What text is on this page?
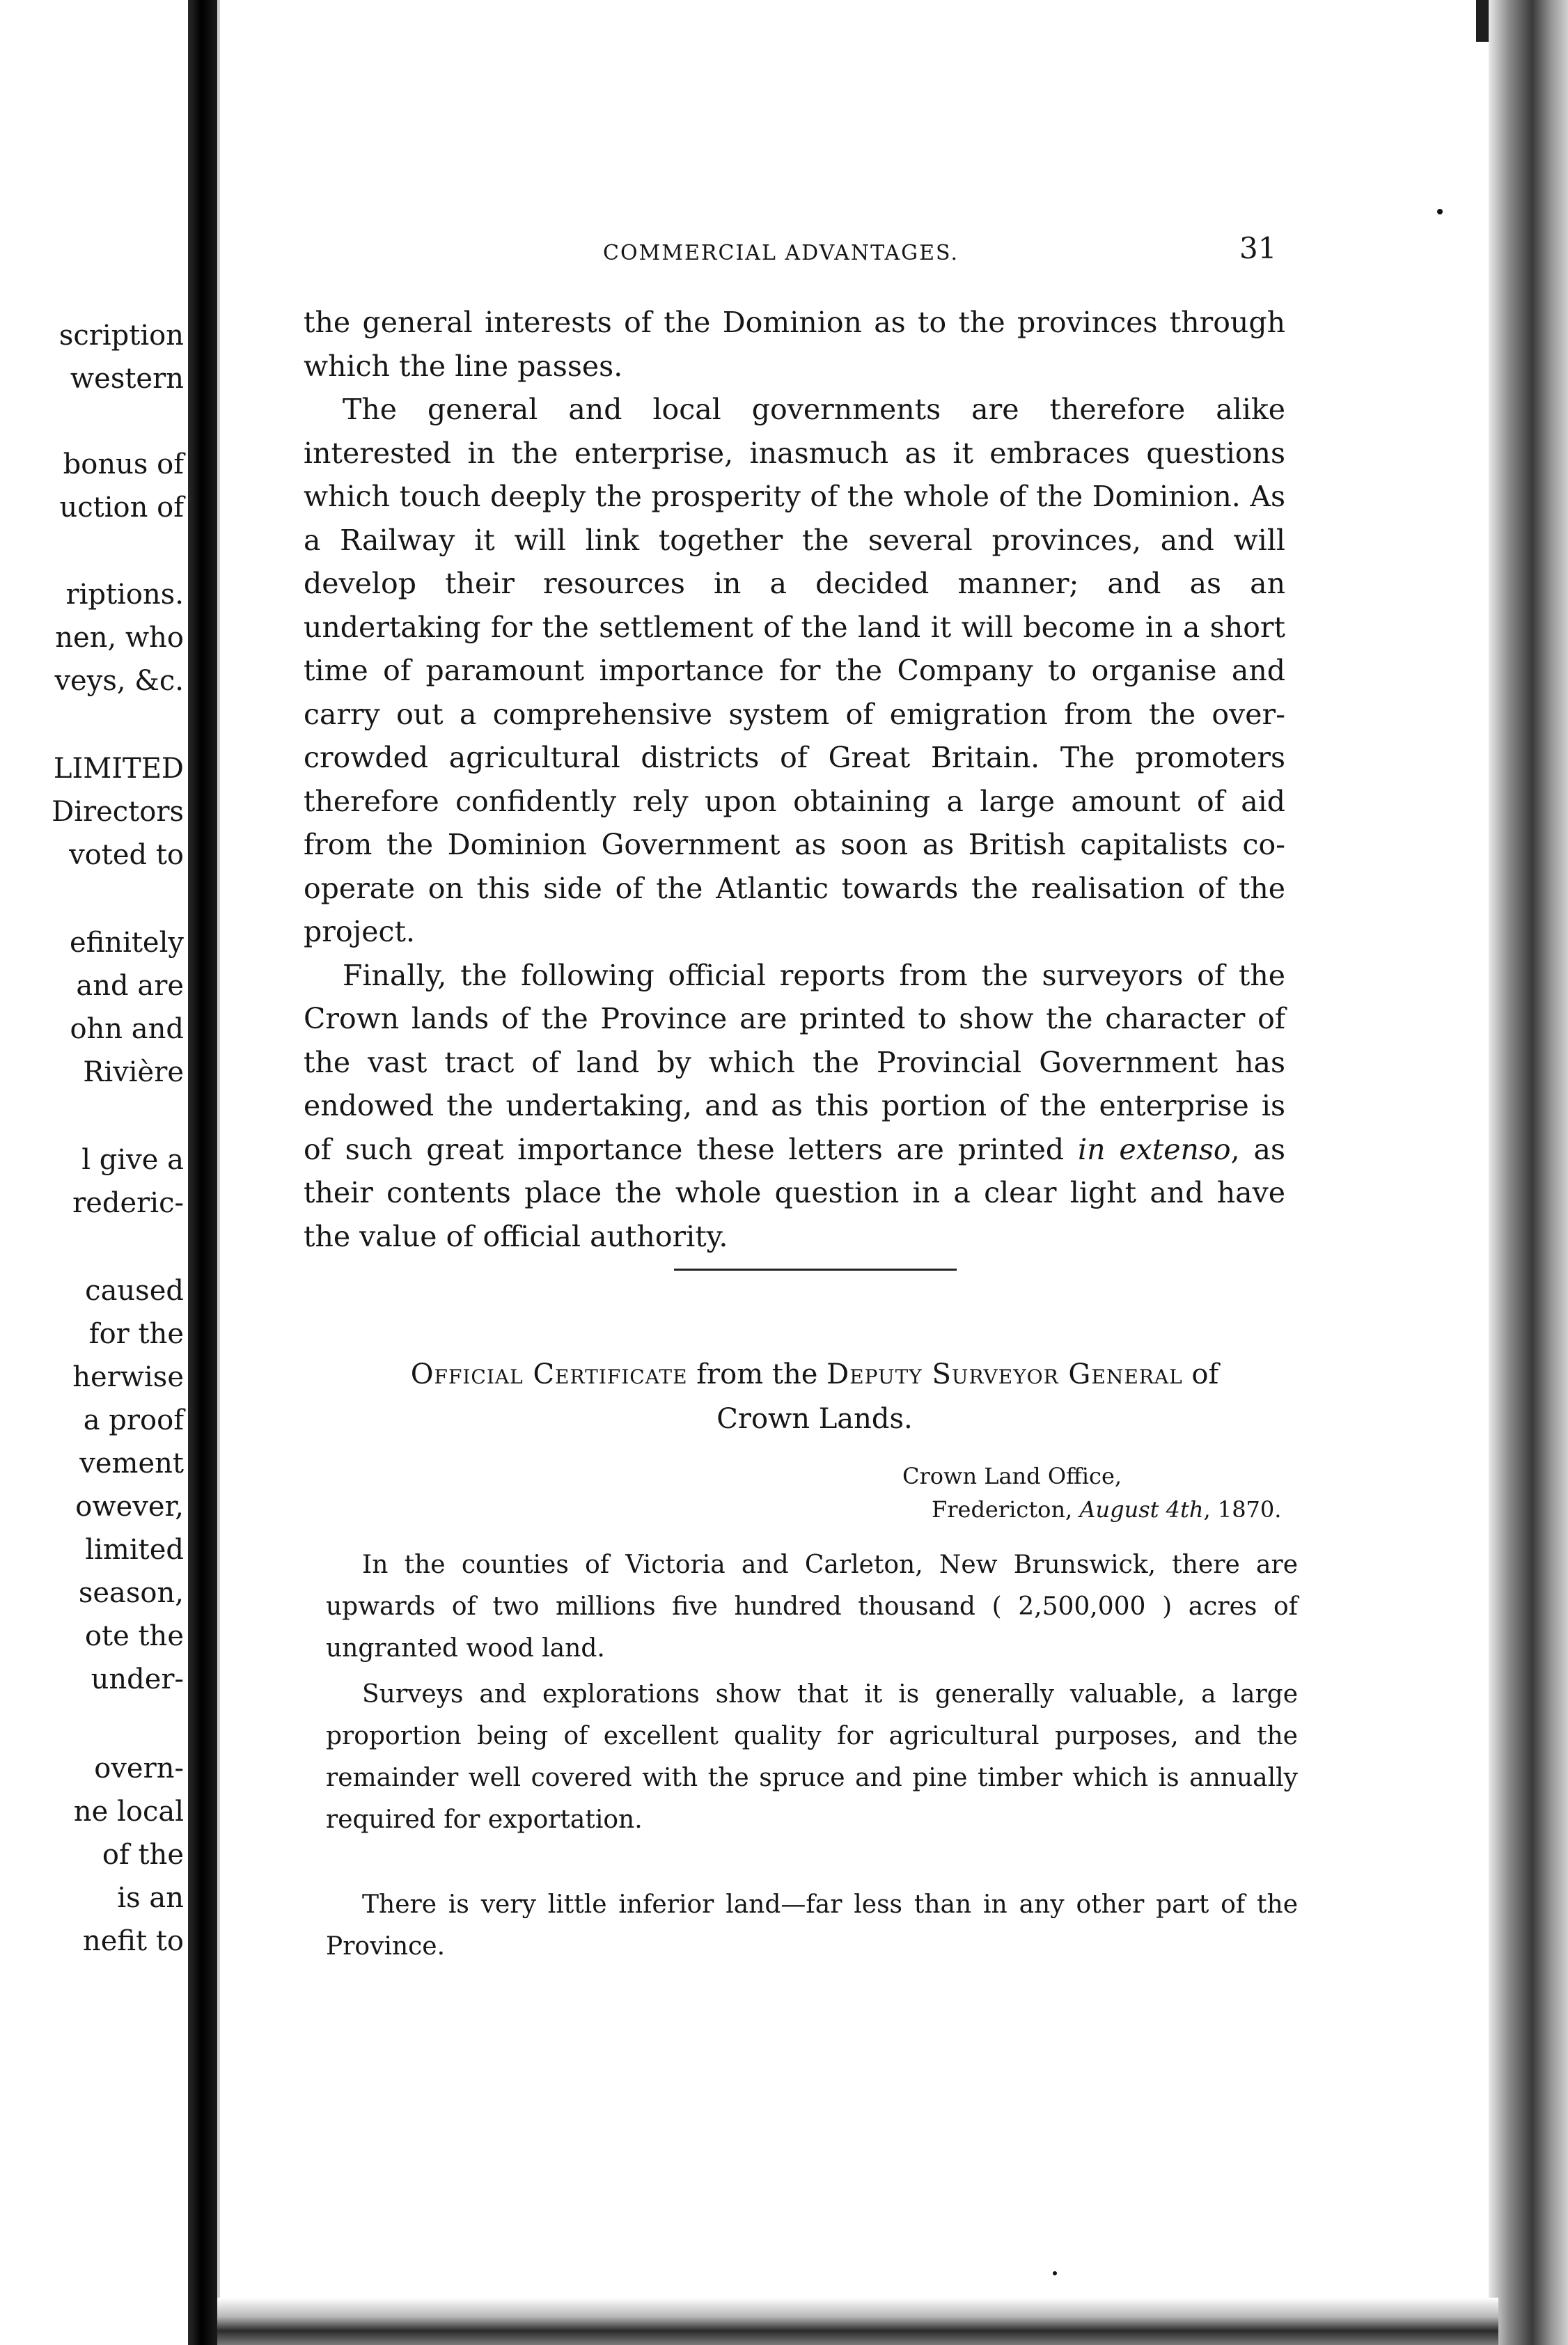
scription
western
bonus of
uction of
riptions.
nen, who
veys, &c.
LIMITED
Directors
voted to
efinitely
and are
ohn and
Rivière
l give a
rederic-
caused
for the
herwise
a proof
vement
owever,
limited
season,
ote the
under-
overn-
ne local
of the
is an
nefit to
COMMERCIAL ADVANTAGES.	31

the general interests of the Dominion as to the provinces through which the line passes.

The general and local governments are therefore alike interested in the enterprise, inasmuch as it embraces questions which touch deeply the prosperity of the whole of the Dominion. As a Railway it will link together the several provinces, and will develop their resources in a decided manner; and as an undertaking for the settlement of the land it will become in a short time of paramount importance for the Company to organise and carry out a comprehensive system of emigration from the over-crowded agricultural districts of Great Britain. The promoters therefore confidently rely upon obtaining a large amount of aid from the Dominion Government as soon as British capitalists co-operate on this side of the Atlantic towards the realisation of the project.

Finally, the following official reports from the surveyors of the Crown lands of the Province are printed to show the character of the vast tract of land by which the Provincial Government has endowed the undertaking, and as this portion of the enterprise is of such great importance these letters are printed in extenso, as their contents place the whole question in a clear light and have the value of official authority.

Official Certificate from the Deputy Surveyor General of
Crown Lands.
Crown Land Office,
Fredericton, August 4th, 1870.

In the counties of Victoria and Carleton, New Brunswick, there are upwards of two millions five hundred thousand ( 2,500,000 ) acres of ungranted wood land.

Surveys and explorations show that it is generally valuable, a large proportion being of excellent quality for agricultural purposes, and the remainder well covered with the spruce and pine timber which is annually required for exportation.

There is very little inferior land—far less than in any other part of the Province.
